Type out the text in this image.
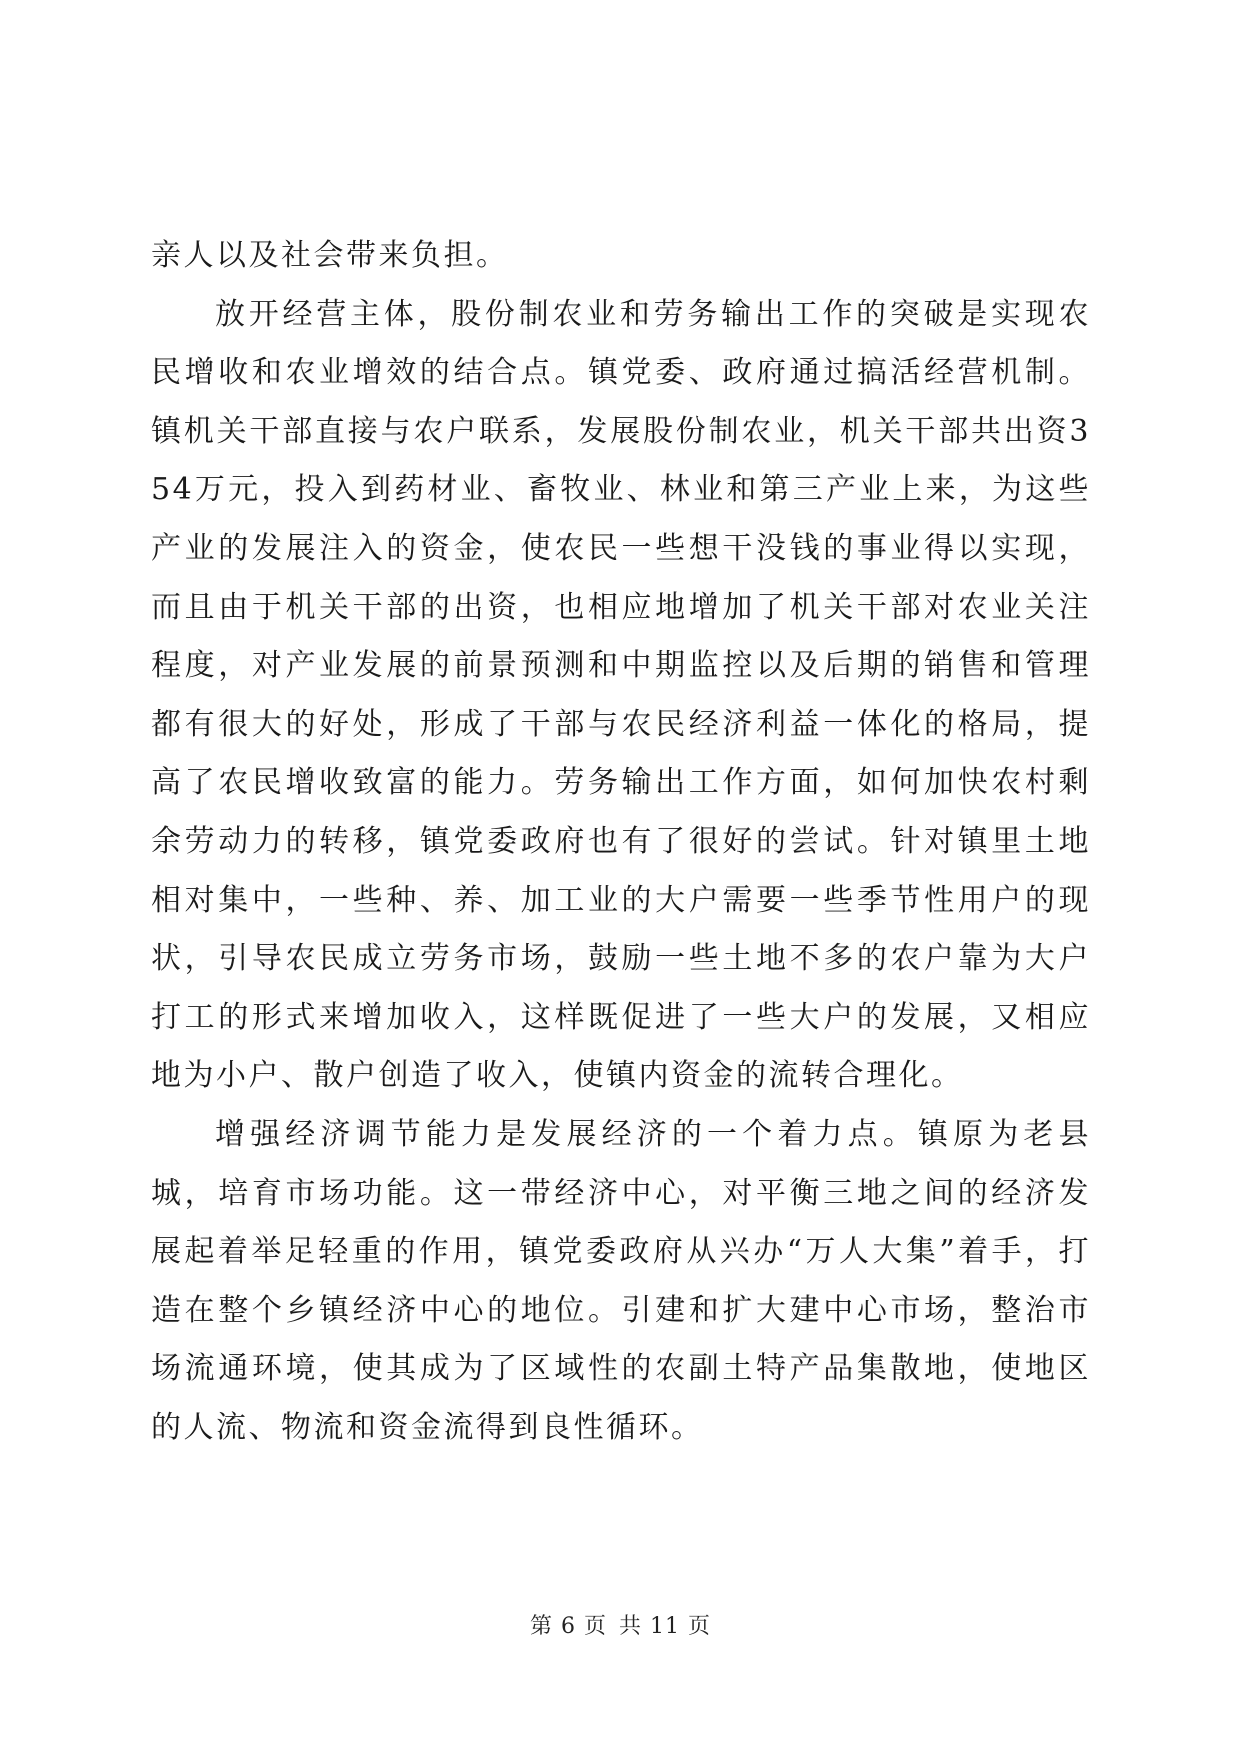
亲人以及社会带来负担。

放开经营主体，股份制农业和劳务输出工作的突破是实现农民增收和农业增效的结合点。镇党委、政府通过搞活经营机制。镇机关干部直接与农户联系，发展股份制农业，机关干部共出资354万元，投入到药材业、畜牧业、林业和第三产业上来，为这些产业的发展注入的资金，使农民一些想干没钱的事业得以实现，而且由于机关干部的出资，也相应地增加了机关干部对农业关注程度，对产业发展的前景预测和中期监控以及后期的销售和管理都有很大的好处，形成了干部与农民经济利益一体化的格局，提高了农民增收致富的能力。劳务输出工作方面，如何加快农村剩余劳动力的转移，镇党委政府也有了很好的尝试。针对镇里土地相对集中，一些种、养、加工业的大户需要一些季节性用户的现状，引导农民成立劳务市场，鼓励一些土地不多的农户靠为大户打工的形式来增加收入，这样既促进了一些大户的发展，又相应地为小户、散户创造了收入，使镇内资金的流转合理化。

增强经济调节能力是发展经济的一个着力点。镇原为老县城，培育市场功能。这一带经济中心，对平衡三地之间的经济发展起着举足轻重的作用，镇党委政府从兴办“万人大集”着手，打造在整个乡镇经济中心的地位。引建和扩大建中心市场，整治市场流通环境，使其成为了区域性的农副土特产品集散地，使地区的人流、物流和资金流得到良性循环。

第 6 页 共 11 页
